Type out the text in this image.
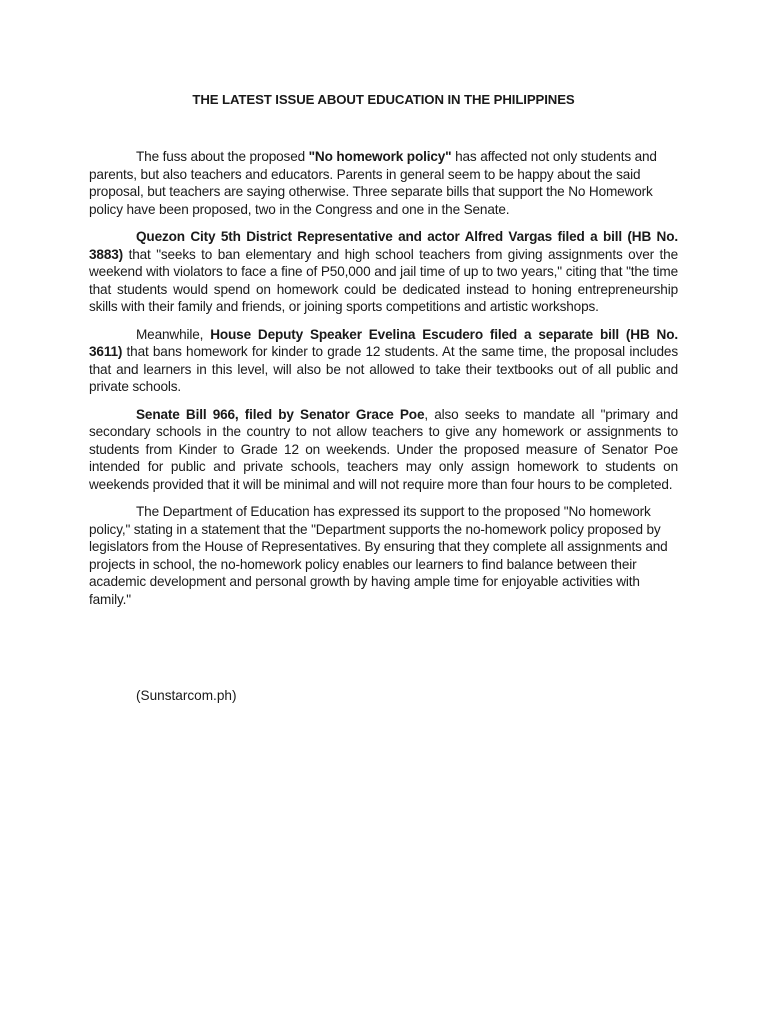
THE LATEST ISSUE ABOUT EDUCATION IN THE PHILIPPINES

The fuss about the proposed "No homework policy" has affected not only students and parents, but also teachers and educators. Parents in general seem to be happy about the said proposal, but teachers are saying otherwise. Three separate bills that support the No Homework policy have been proposed, two in the Congress and one in the Senate.

Quezon City 5th District Representative and actor Alfred Vargas filed a bill (HB No. 3883) that "seeks to ban elementary and high school teachers from giving assignments over the weekend with violators to face a fine of P50,000 and jail time of up to two years," citing that "the time that students would spend on homework could be dedicated instead to honing entrepreneurship skills with their family and friends, or joining sports competitions and artistic workshops.

Meanwhile, House Deputy Speaker Evelina Escudero filed a separate bill (HB No. 3611) that bans homework for kinder to grade 12 students. At the same time, the proposal includes that and learners in this level, will also be not allowed to take their textbooks out of all public and private schools.

Senate Bill 966, filed by Senator Grace Poe, also seeks to mandate all "primary and secondary schools in the country to not allow teachers to give any homework or assignments to students from Kinder to Grade 12 on weekends. Under the proposed measure of Senator Poe intended for public and private schools, teachers may only assign homework to students on weekends provided that it will be minimal and will not require more than four hours to be completed.

The Department of Education has expressed its support to the proposed "No homework policy," stating in a statement that the "Department supports the no-homework policy proposed by legislators from the House of Representatives. By ensuring that they complete all assignments and projects in school, the no-homework policy enables our learners to find balance between their academic development and personal growth by having ample time for enjoyable activities with family."

(Sunstarcom.ph)
